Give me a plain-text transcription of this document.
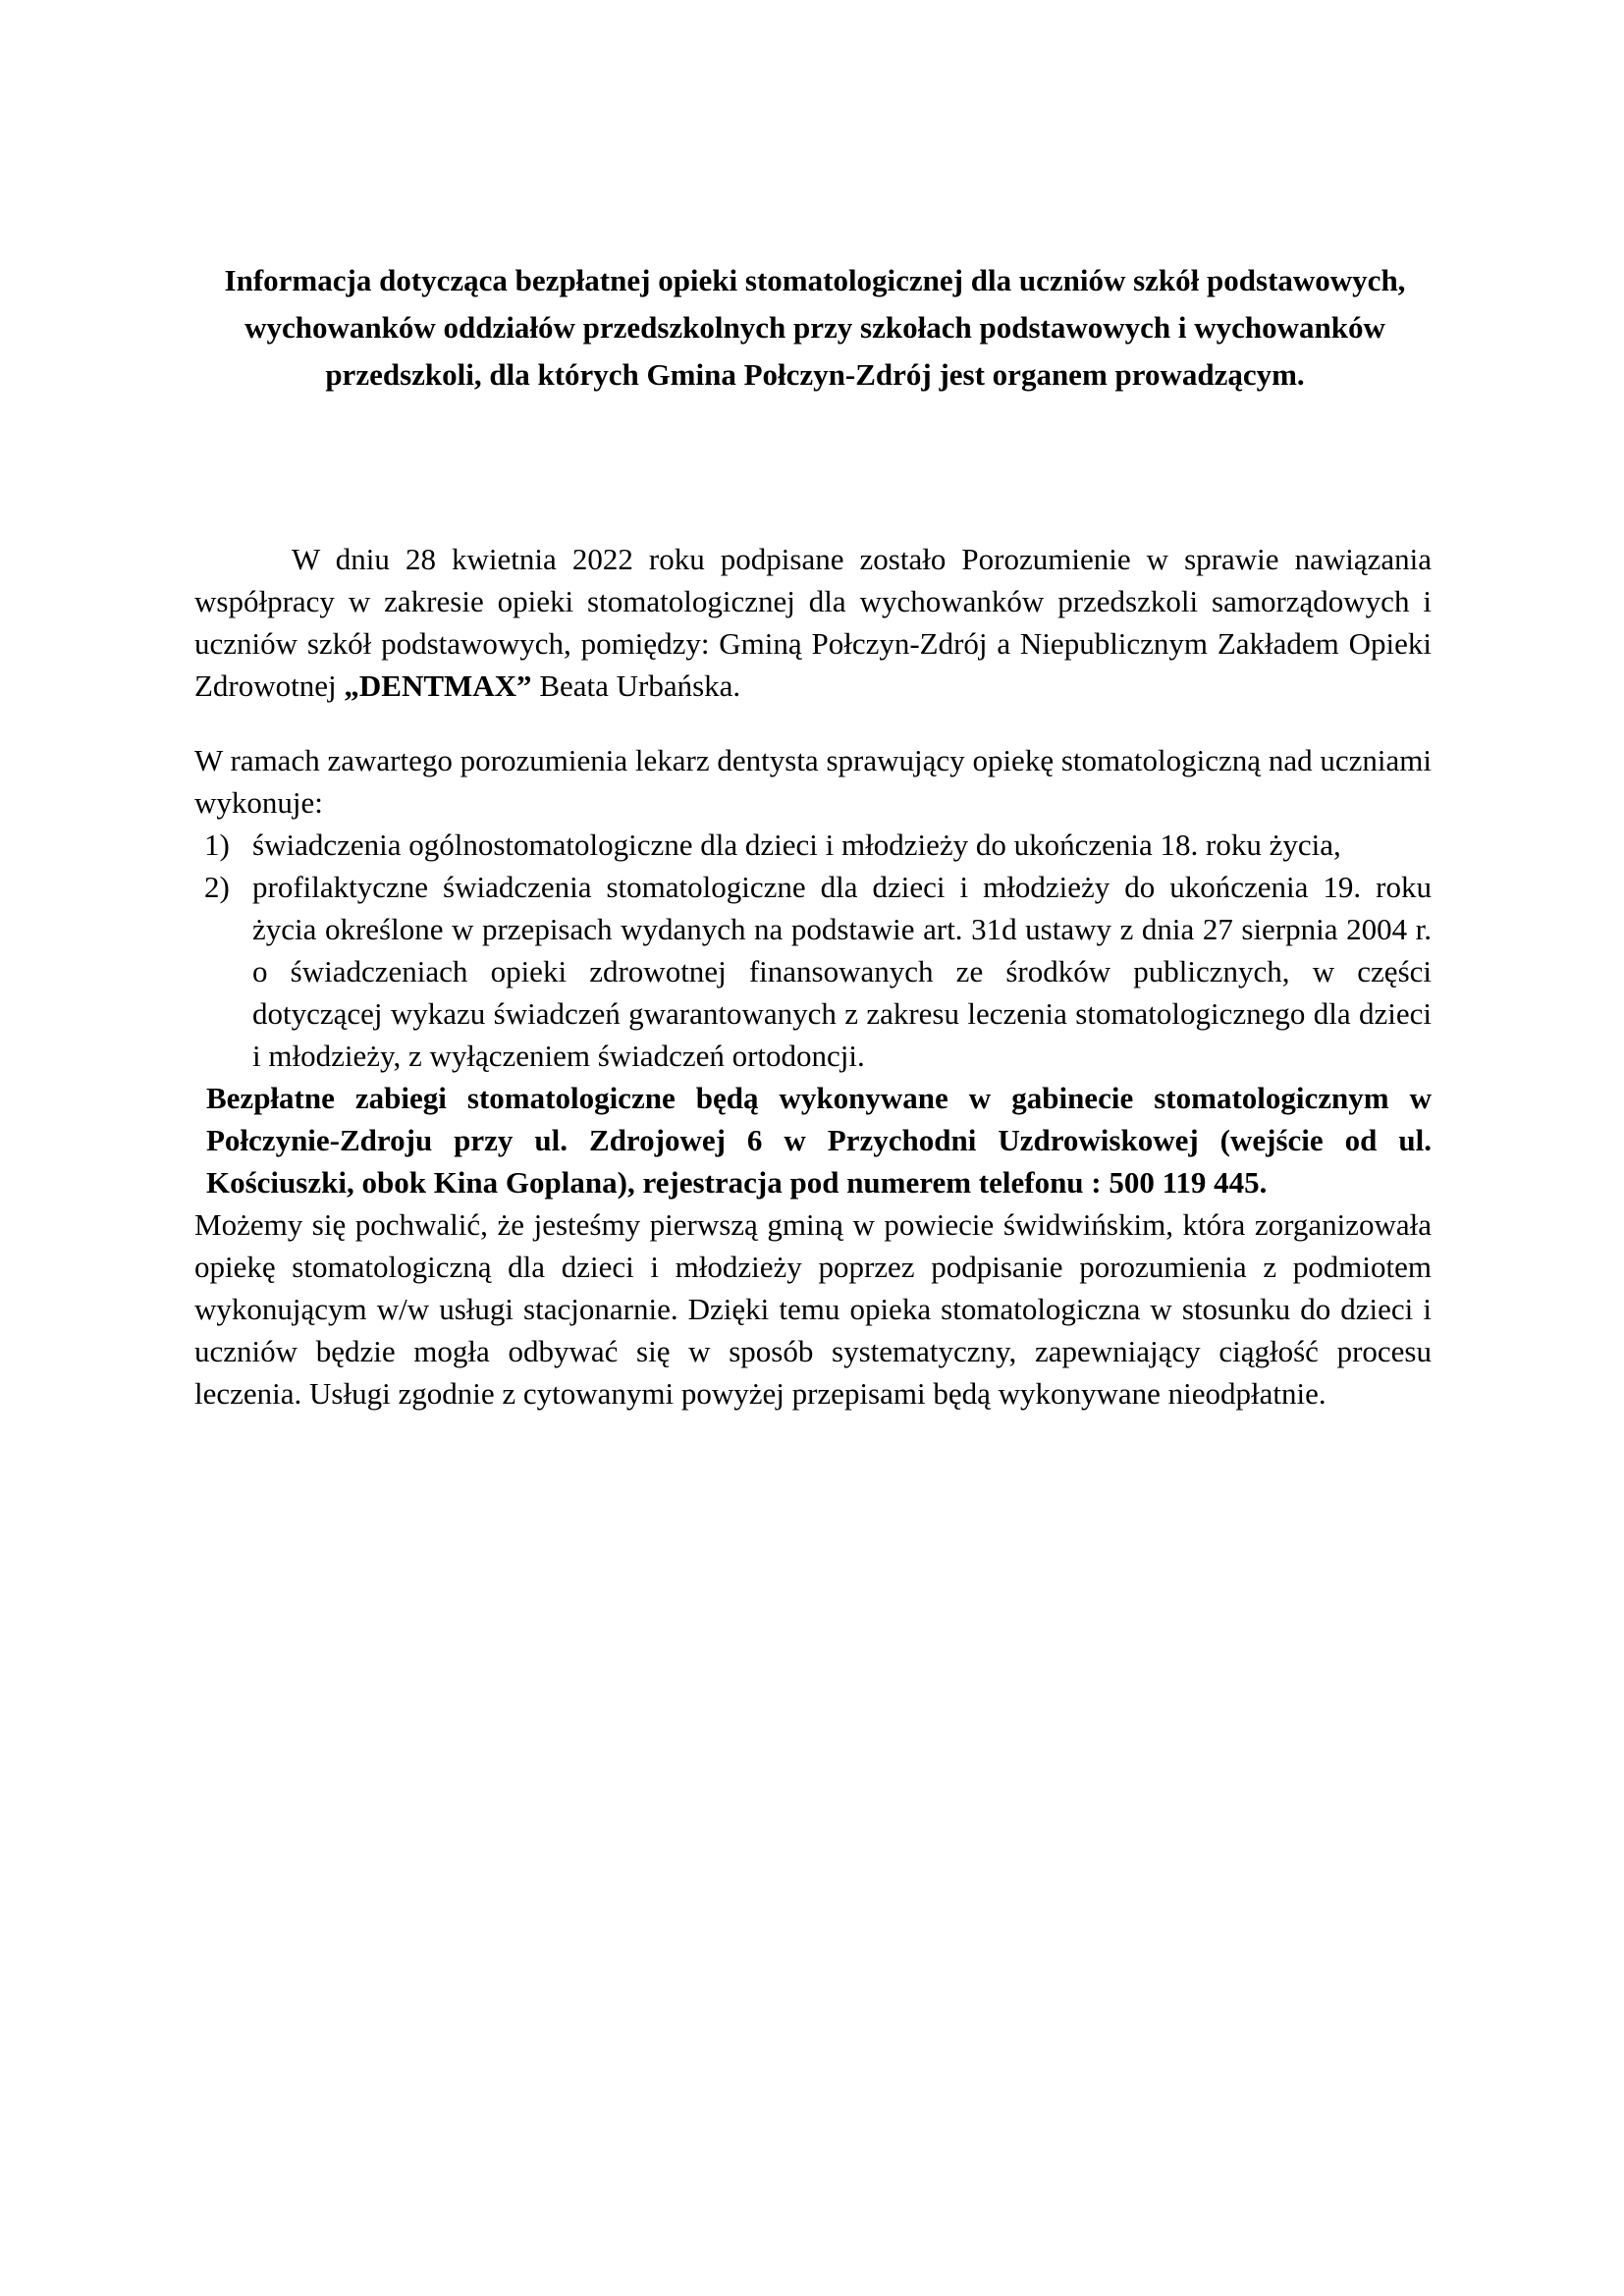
Informacja dotycząca bezpłatnej opieki stomatologicznej dla uczniów szkół podstawowych, wychowanków oddziałów przedszkolnych przy szkołach podstawowych i wychowanków przedszkoli, dla których Gmina Połczyn-Zdrój jest organem prowadzącym.

W dniu 28 kwietnia 2022 roku podpisane zostało Porozumienie w sprawie nawiązania współpracy w zakresie opieki stomatologicznej dla wychowanków przedszkoli samorządowych i uczniów szkół podstawowych, pomiędzy: Gminą Połczyn-Zdrój a Niepublicznym Zakładem Opieki Zdrowotnej „DENTMAX” Beata Urbańska.

W ramach zawartego porozumienia lekarz dentysta sprawujący opiekę stomatologiczną nad uczniami wykonuje:

1) świadczenia ogólnostomatologiczne dla dzieci i młodzieży do ukończenia 18. roku życia,
2) profilaktyczne świadczenia stomatologiczne dla dzieci i młodzieży do ukończenia 19. roku życia określone w przepisach wydanych na podstawie art. 31d ustawy z dnia 27 sierpnia 2004 r. o świadczeniach opieki zdrowotnej finansowanych ze środków publicznych, w części dotyczącej wykazu świadczeń gwarantowanych z zakresu leczenia stomatologicznego dla dzieci i młodzieży, z wyłączeniem świadczeń ortodoncji.

Bezpłatne zabiegi stomatologiczne będą wykonywane w gabinecie stomatologicznym w Połczynie-Zdroju przy ul. Zdrojowej 6 w Przychodni Uzdrowiskowej (wejście od ul. Kościuszki, obok Kina Goplana), rejestracja pod numerem telefonu : 500 119 445.

Możemy się pochwalić, że jesteśmy pierwszą gminą w powiecie świdwińskim, która zorganizowała opiekę stomatologiczną dla dzieci i młodzieży poprzez podpisanie porozumienia z podmiotem wykonującym w/w usługi stacjonarnie. Dzięki temu opieka stomatologiczna w stosunku do dzieci i uczniów będzie mogła odbywać się w sposób systematyczny, zapewniający ciągłość procesu leczenia. Usługi zgodnie z cytowanymi powyżej przepisami będą wykonywane nieodpłatnie.
